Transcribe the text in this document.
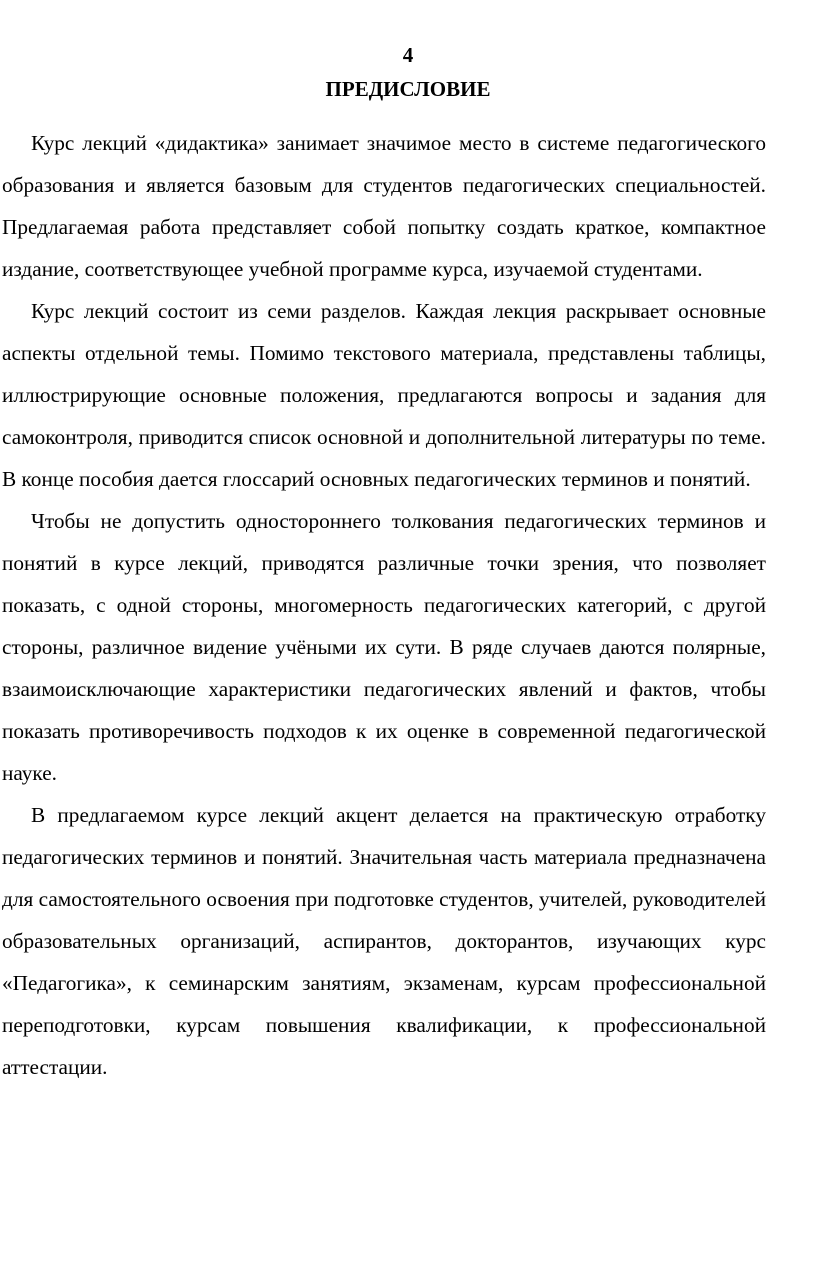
4
ПРЕДИСЛОВИЕ

Курс лекций «дидактика» занимает значимое место в системе педагогического образования и является базовым для студентов педагогических специальностей. Предлагаемая работа представляет собой попытку создать краткое, компактное издание, соответствующее учебной программе курса, изучаемой студентами.

Курс лекций состоит из семи разделов. Каждая лекция раскрывает основные аспекты отдельной темы. Помимо текстового материала, представлены таблицы, иллюстрирующие основные положения, предлагаются вопросы и задания для самоконтроля, приводится список основной и дополнительной литературы по теме. В конце пособия дается глоссарий основных педагогических терминов и понятий.

Чтобы не допустить одностороннего толкования педагогических терминов и понятий в курсе лекций, приводятся различные точки зрения, что позволяет показать, с одной стороны, многомерность педагогических категорий, с другой стороны, различное видение учёными их сути. В ряде случаев даются полярные, взаимоисключающие характеристики педагогических явлений и фактов, чтобы показать противоречивость подходов к их оценке в современной педагогической науке.

В предлагаемом курсе лекций акцент делается на практическую отработку педагогических терминов и понятий. Значительная часть материала предназначена для самостоятельного освоения при подготовке студентов, учителей, руководителей образовательных организаций, аспирантов, докторантов, изучающих курс «Педагогика», к семинарским занятиям, экзаменам, курсам профессиональной переподготовки, курсам повышения квалификации, к профессиональной аттестации.
